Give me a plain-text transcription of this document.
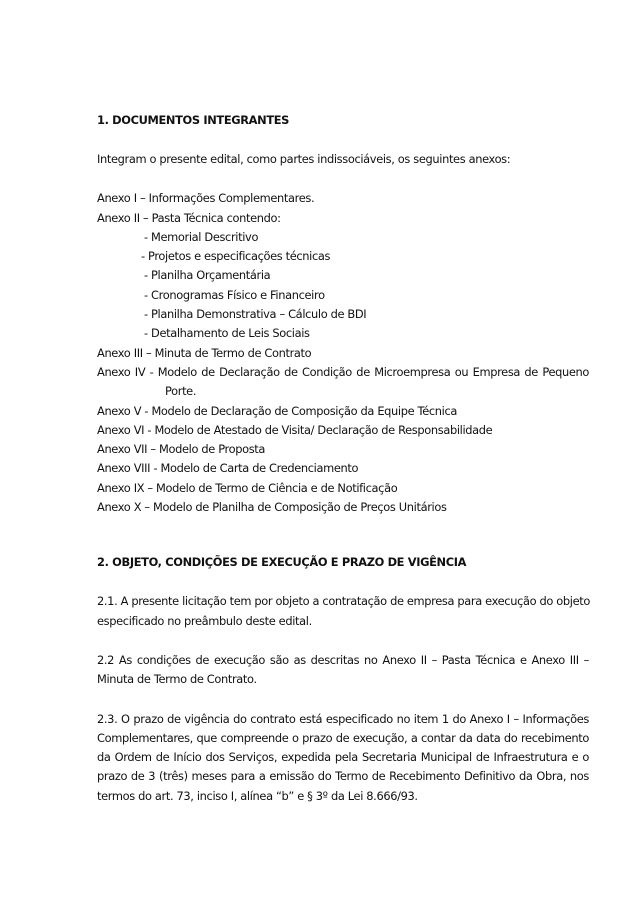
1. DOCUMENTOS INTEGRANTES
Integram o presente edital, como partes indissociáveis, os seguintes anexos:
Anexo I – Informações Complementares.
Anexo II – Pasta Técnica contendo:
- Memorial Descritivo
- Projetos e especificações técnicas
- Planilha Orçamentária
- Cronogramas Físico e Financeiro
- Planilha Demonstrativa – Cálculo de BDI
- Detalhamento de Leis Sociais
Anexo III – Minuta de Termo de Contrato
Anexo IV - Modelo de Declaração de Condição de Microempresa ou Empresa de Pequeno
Porte.
Anexo V - Modelo de Declaração de Composição da Equipe Técnica
Anexo VI - Modelo de Atestado de Visita/ Declaração de Responsabilidade
Anexo VII – Modelo de Proposta
Anexo VIII - Modelo de Carta de Credenciamento
Anexo IX – Modelo de Termo de Ciência e de Notificação
Anexo X – Modelo de Planilha de Composição de Preços Unitários
2. OBJETO, CONDIÇÕES DE EXECUÇÃO E PRAZO DE VIGÊNCIA
2.1. A presente licitação tem por objeto a contratação de empresa para execução do objeto
especificado no preâmbulo deste edital.
2.2 As condições de execução são as descritas no Anexo II – Pasta Técnica e Anexo III –
Minuta de Termo de Contrato.
2.3. O prazo de vigência do contrato está especificado no item 1 do Anexo I – Informações
Complementares, que compreende o prazo de execução, a contar da data do recebimento
da Ordem de Início dos Serviços, expedida pela Secretaria Municipal de Infraestrutura e o
prazo de 3 (três) meses para a emissão do Termo de Recebimento Definitivo da Obra, nos
termos do art. 73, inciso I, alínea “b” e § 3º da Lei 8.666/93.
